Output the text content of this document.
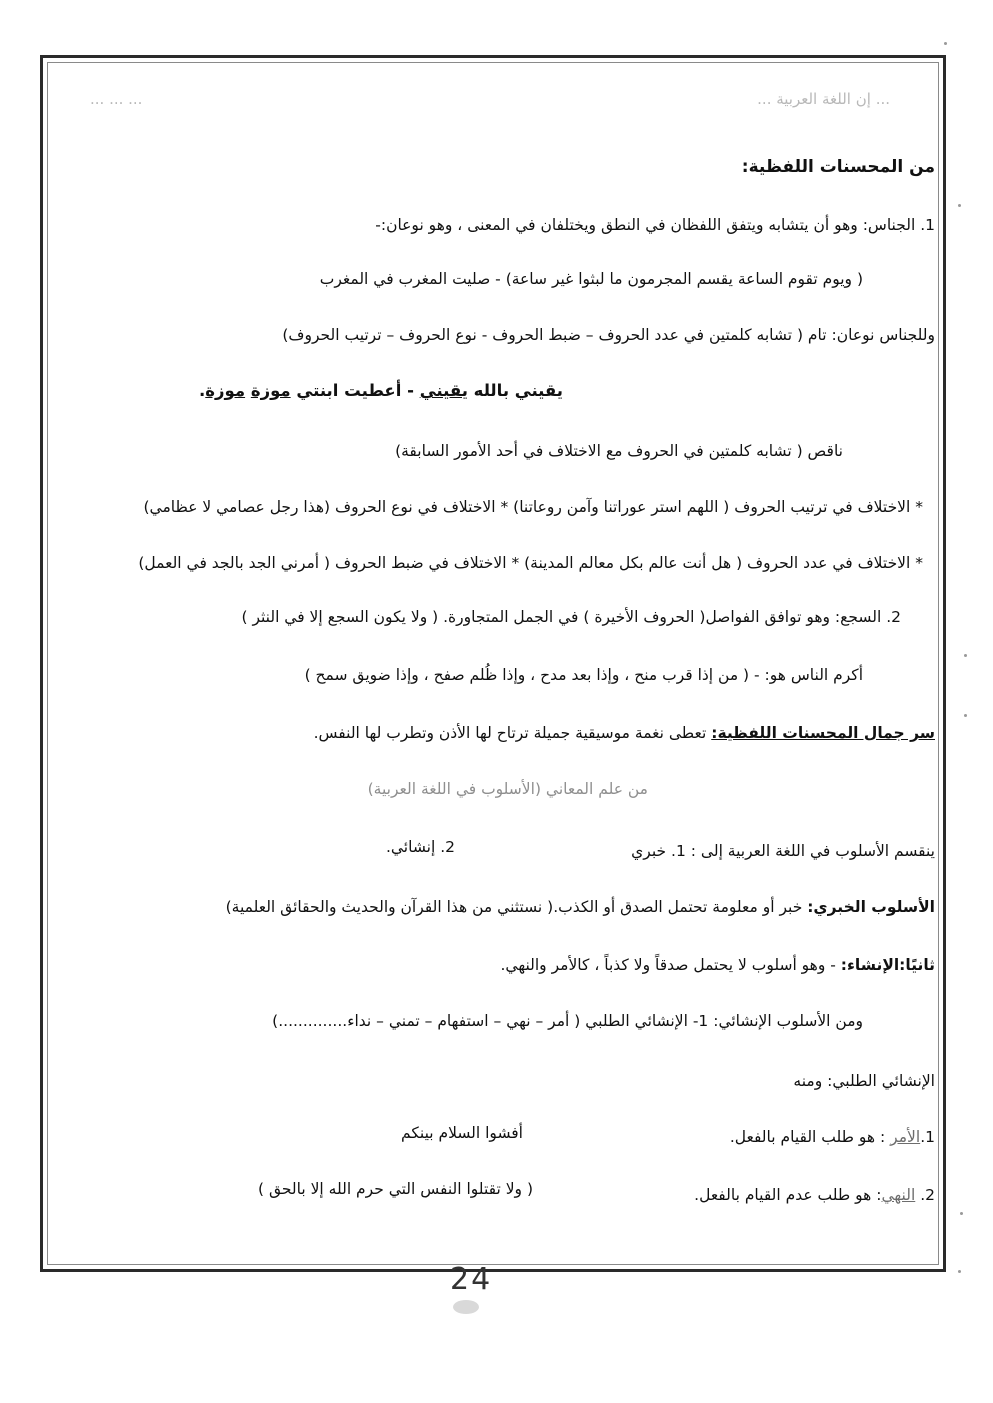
... إن اللغة العربية ...
... ... ...
من المحسنات اللفظية:
1. الجناس: وهو أن يتشابه ويتفق اللفظان في النطق ويختلفان في المعنى ، وهو نوعان:-
( ويوم تقوم الساعة يقسم المجرمون ما لبثوا غير ساعة) - صليت المغرب في المغرب
وللجناس نوعان: تام ( تشابه كلمتين في عدد الحروف – ضبط الحروف - نوع الحروف – ترتيب الحروف)
يقيني بالله يقيني - أعطيت ابنتي موزة موزة.
ناقص ( تشابه كلمتين في الحروف مع الاختلاف في أحد الأمور السابقة)
* الاختلاف في ترتيب الحروف ( اللهم استر عوراتنا وآمن روعاتنا) * الاختلاف في نوع الحروف (هذا رجل عصامي لا عظامي)
* الاختلاف في عدد الحروف ( هل أنت عالم بكل معالم المدينة) * الاختلاف في ضبط الحروف ( أمرني الجد بالجد في العمل)
2. السجع: وهو توافق الفواصل( الحروف الأخيرة ) في الجمل المتجاورة. ( ولا يكون السجع إلا في النثر )
أكرم الناس هو: - ( من إذا قرب منح ، وإذا بعد مدح ، وإذا ظُلم صفح ، وإذا ضويق سمح )
سر جمال المحسنات اللفظية: تعطى نغمة موسيقية جميلة ترتاح لها الأذن وتطرب لها النفس.
من علم المعاني (الأسلوب في اللغة العربية)
ينقسم الأسلوب في اللغة العربية إلى : 1. خبري
2. إنشائي.
الأسلوب الخبري: خبر أو معلومة تحتمل الصدق أو الكذب.( نستثني من هذا القرآن والحديث والحقائق العلمية)
ثانيًا:الإنشاء: - وهو أسلوب لا يحتمل صدقاً ولا كذباً ، كالأمر والنهي.
ومن الأسلوب الإنشائي: 1- الإنشائي الطلبي ( أمر – نهي – استفهام – تمني – نداء..............)
الإنشائي الطلبي: ومنه
1.الأمر : هو طلب القيام بالفعل.
أفشوا السلام بينكم
2. النهي: هو طلب عدم القيام بالفعل.
( ولا تقتلوا النفس التي حرم الله إلا بالحق )
24
